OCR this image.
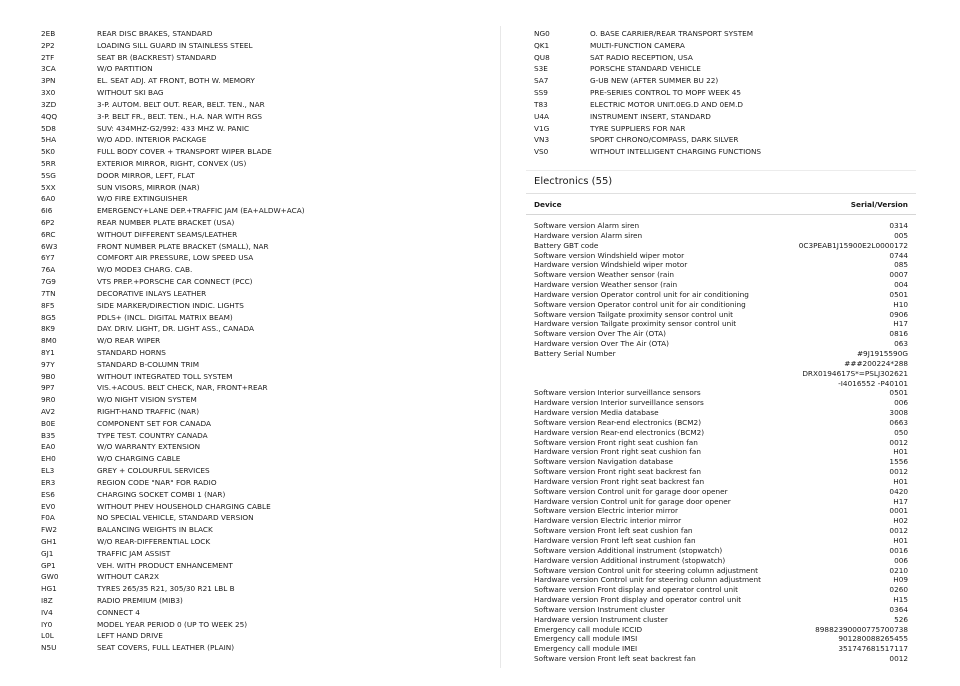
2EB	REAR DISC BRAKES, STANDARD
2P2	LOADING SILL GUARD IN STAINLESS STEEL
2TF	SEAT BR (BACKREST) STANDARD
3CA	W/O PARTITION
3PN	EL. SEAT ADJ. AT FRONT, BOTH W. MEMORY
3X0	WITHOUT SKI BAG
3ZD	3-P. AUTOM. BELT OUT. REAR, BELT. TEN., NAR
4QQ	3-P. BELT FR., BELT. TEN., H.A. NAR WITH RGS
5D8	SUV: 434MHZ-G2/992: 433 MHZ W. PANIC
5HA	W/O ADD. INTERIOR PACKAGE
5K0	FULL BODY COVER + TRANSPORT WIPER BLADE
5RR	EXTERIOR MIRROR, RIGHT, CONVEX (US)
5SG	DOOR MIRROR, LEFT, FLAT
5XX	SUN VISORS, MIRROR (NAR)
6A0	W/O FIRE EXTINGUISHER
6I6	EMERGENCY+LANE DEP.+TRAFFIC JAM (EA+ALDW+ACA)
6P2	REAR NUMBER PLATE BRACKET (USA)
6RC	WITHOUT DIFFERENT SEAMS/LEATHER
6W3	FRONT NUMBER PLATE BRACKET (SMALL), NAR
6Y7	COMFORT AIR PRESSURE, LOW SPEED USA
76A	W/O MODE3 CHARG. CAB.
7G9	VTS PREP.+PORSCHE CAR CONNECT (PCC)
7TN	DECORATIVE INLAYS LEATHER
8F5	SIDE MARKER/DIRECTION INDIC. LIGHTS
8G5	PDLS+ (INCL. DIGITAL MATRIX BEAM)
8K9	DAY. DRIV. LIGHT, DR. LIGHT ASS., CANADA
8M0	W/O REAR WIPER
8Y1	STANDARD HORNS
97Y	STANDARD B-COLUMN TRIM
9B0	WITHOUT INTEGRATED TOLL SYSTEM
9P7	VIS.+ACOUS. BELT CHECK, NAR, FRONT+REAR
9R0	W/O NIGHT VISION SYSTEM
AV2	RIGHT-HAND TRAFFIC (NAR)
B0E	COMPONENT SET FOR CANADA
B35	TYPE TEST. COUNTRY CANADA
EA0	W/O WARRANTY EXTENSION
EH0	W/O CHARGING CABLE
EL3	GREY + COLOURFUL SERVICES
ER3	REGION CODE "NAR" FOR RADIO
ES6	CHARGING SOCKET COMBI 1 (NAR)
EV0	WITHOUT PHEV HOUSEHOLD CHARGING CABLE
F0A	NO SPECIAL VEHICLE, STANDARD VERSION
FW2	BALANCING WEIGHTS IN BLACK
GH1	W/O REAR-DIFFERENTIAL LOCK
GJ1	TRAFFIC JAM ASSIST
GP1	VEH. WITH PRODUCT ENHANCEMENT
GW0	WITHOUT CAR2X
HG1	TYRES 265/35 R21, 305/30 R21 LBL B
I8Z	RADIO PREMIUM (MIB3)
IV4	CONNECT 4
IY0	MODEL YEAR PERIOD 0 (UP TO WEEK 25)
L0L	LEFT HAND DRIVE
N5U	SEAT COVERS, FULL LEATHER (PLAIN)
NG0	O. BASE CARRIER/REAR TRANSPORT SYSTEM
QK1	MULTI-FUNCTION CAMERA
QU8	SAT RADIO RECEPTION, USA
S3E	PORSCHE STANDARD VEHICLE
SA7	G-UB NEW (AFTER SUMMER BU 22)
SS9	PRE-SERIES CONTROL TO MOPF WEEK 45
T83	ELECTRIC MOTOR UNIT.0EG.D AND 0EM.D
U4A	INSTRUMENT INSERT, STANDARD
V1G	TYRE SUPPLIERS FOR NAR
VN3	SPORT CHRONO/COMPASS, DARK SILVER
VS0	WITHOUT INTELLIGENT CHARGING FUNCTIONS
Electronics (55)
Device	Serial/Version
Software version Alarm siren	0314
Hardware version Alarm siren	005
Battery GBT code	0C3PEAB1J15900E2L0000172
Software version Windshield wiper motor	0744
Hardware version Windshield wiper motor	085
Software version Weather sensor (rain	0007
Hardware version Weather sensor (rain	004
Hardware version Operator control unit for air conditioning	0501
Software version Operator control unit for air conditioning	H10
Software version Tailgate proximity sensor control unit	0906
Hardware version Tailgate proximity sensor control unit	H17
Software version Over The Air (OTA)	0816
Hardware version Over The Air (OTA)	063
Battery Serial Number	#9J1915590G
###200224*288
DRX0194617S*=PSLJ302621
-I4016552 -P40101
Software version Interior surveillance sensors	0501
Hardware version Interior surveillance sensors	006
Hardware version Media database	3008
Software version Rear-end electronics (BCM2)	0663
Hardware version Rear-end electronics (BCM2)	050
Software version Front right seat cushion fan	0012
Hardware version Front right seat cushion fan	H01
Software version Navigation database	1556
Software version Front right seat backrest fan	0012
Hardware version Front right seat backrest fan	H01
Software version Control unit for garage door opener	0420
Hardware version Control unit for garage door opener	H17
Software version Electric interior mirror	0001
Hardware version Electric interior mirror	H02
Software version Front left seat cushion fan	0012
Hardware version Front left seat cushion fan	H01
Software version Additional instrument (stopwatch)	0016
Hardware version Additional instrument (stopwatch)	006
Software version Control unit for steering column adjustment	0210
Hardware version Control unit for steering column adjustment	H09
Software version Front display and operator control unit	0260
Hardware version Front display and operator control unit	H15
Software version Instrument cluster	0364
Hardware version Instrument cluster	526
Emergency call module ICCID	89882390000775700738
Emergency call module IMSI	901280088265455
Emergency call module IMEI	351747681517117
Software version Front left seat backrest fan	0012
